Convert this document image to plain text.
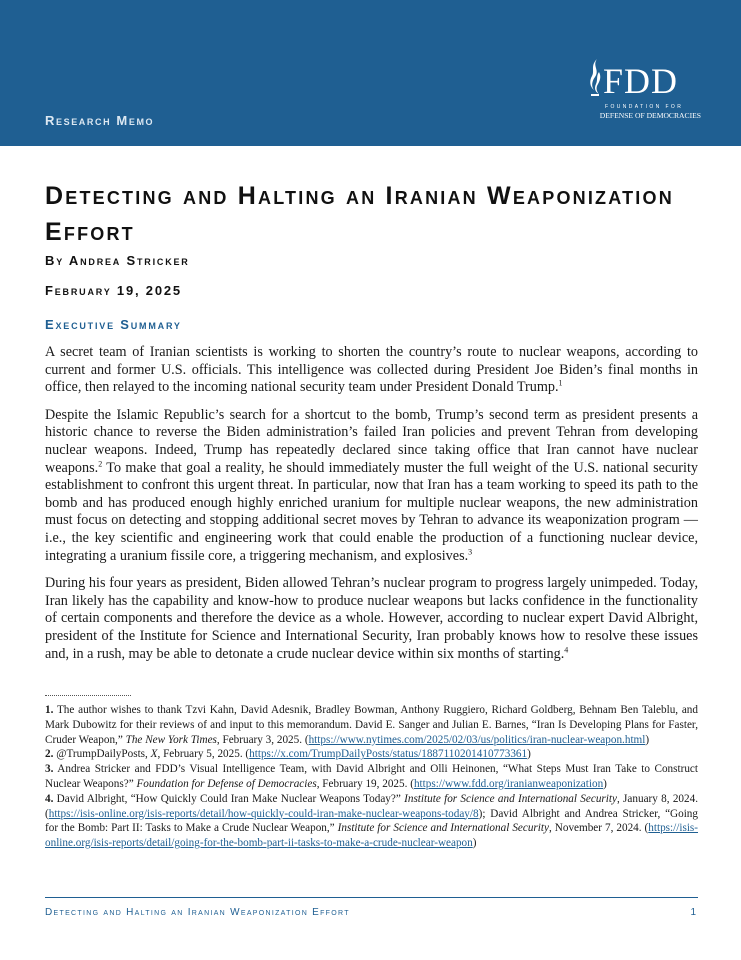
Research Memo
FDD
FOUNDATION FOR
DEFENSE OF DEMOCRACIES
Detecting and Halting an Iranian Weaponization Effort
By Andrea Stricker
February 19, 2025
Executive Summary

A secret team of Iranian scientists is working to shorten the country’s route to nuclear weapons, according to current and former U.S. officials. This intelligence was collected during President Joe Biden’s final months in office, then relayed to the incoming national security team under President Donald Trump.$^1$

Despite the Islamic Republic’s search for a shortcut to the bomb, Trump’s second term as president presents a historic chance to reverse the Biden administration’s failed Iran policies and prevent Tehran from developing nuclear weapons. Indeed, Trump has repeatedly declared since taking office that Iran cannot have nuclear weapons.$^2$ To make that goal a reality, he should immediately muster the full weight of the U.S. national security establishment to confront this urgent threat. In particular, now that Iran has a team working to speed its path to the bomb and has produced enough highly enriched uranium for multiple nuclear weapons, the new administration must focus on detecting and stopping additional secret moves by Tehran to advance its weaponization program — i.e., the key scientific and engineering work that could enable the production of a functioning nuclear device, integrating a uranium fissile core, a triggering mechanism, and explosives.$^3$

During his four years as president, Biden allowed Tehran’s nuclear program to progress largely unimpeded. Today, Iran likely has the capability and know-how to produce nuclear weapons but lacks confidence in the functionality of certain components and therefore the device as a whole. However, according to nuclear expert David Albright, president of the Institute for Science and International Security, Iran probably knows how to resolve these issues and, in a rush, may be able to detonate a crude nuclear device within six months of starting.$^4$

1. The author wishes to thank Tzvi Kahn, David Adesnik, Bradley Bowman, Anthony Ruggiero, Richard Goldberg, Behnam Ben Taleblu, and Mark Dubowitz for their reviews of and input to this memorandum. David E. Sanger and Julian E. Barnes, “Iran Is Developing Plans for Faster, Cruder Weapon,” The New York Times, February 3, 2025. (https://www.nytimes.com/2025/02/03/us/politics/iran-nuclear-weapon.html)

2. @TrumpDailyPosts, X, February 5, 2025. (https://x.com/TrumpDailyPosts/status/1887110201410773361)

3. Andrea Stricker and FDD’s Visual Intelligence Team, with David Albright and Olli Heinonen, “What Steps Must Iran Take to Construct Nuclear Weapons?” Foundation for Defense of Democracies, February 19, 2025. (https://www.fdd.org/iranianweaponization)

4. David Albright, “How Quickly Could Iran Make Nuclear Weapons Today?” Institute for Science and International Security, January 8, 2024. (https://isis-online.org/isis-reports/detail/how-quickly-could-iran-make-nuclear-weapons-today/8); David Albright and Andrea Stricker, “Going for the Bomb: Part II: Tasks to Make a Crude Nuclear Weapon,” Institute for Science and International Security, November 7, 2024. (https://isis-online.org/isis-reports/detail/going-for-the-bomb-part-ii-tasks-to-make-a-crude-nuclear-weapon)

Detecting and Halting an Iranian Weaponization Effort	1
